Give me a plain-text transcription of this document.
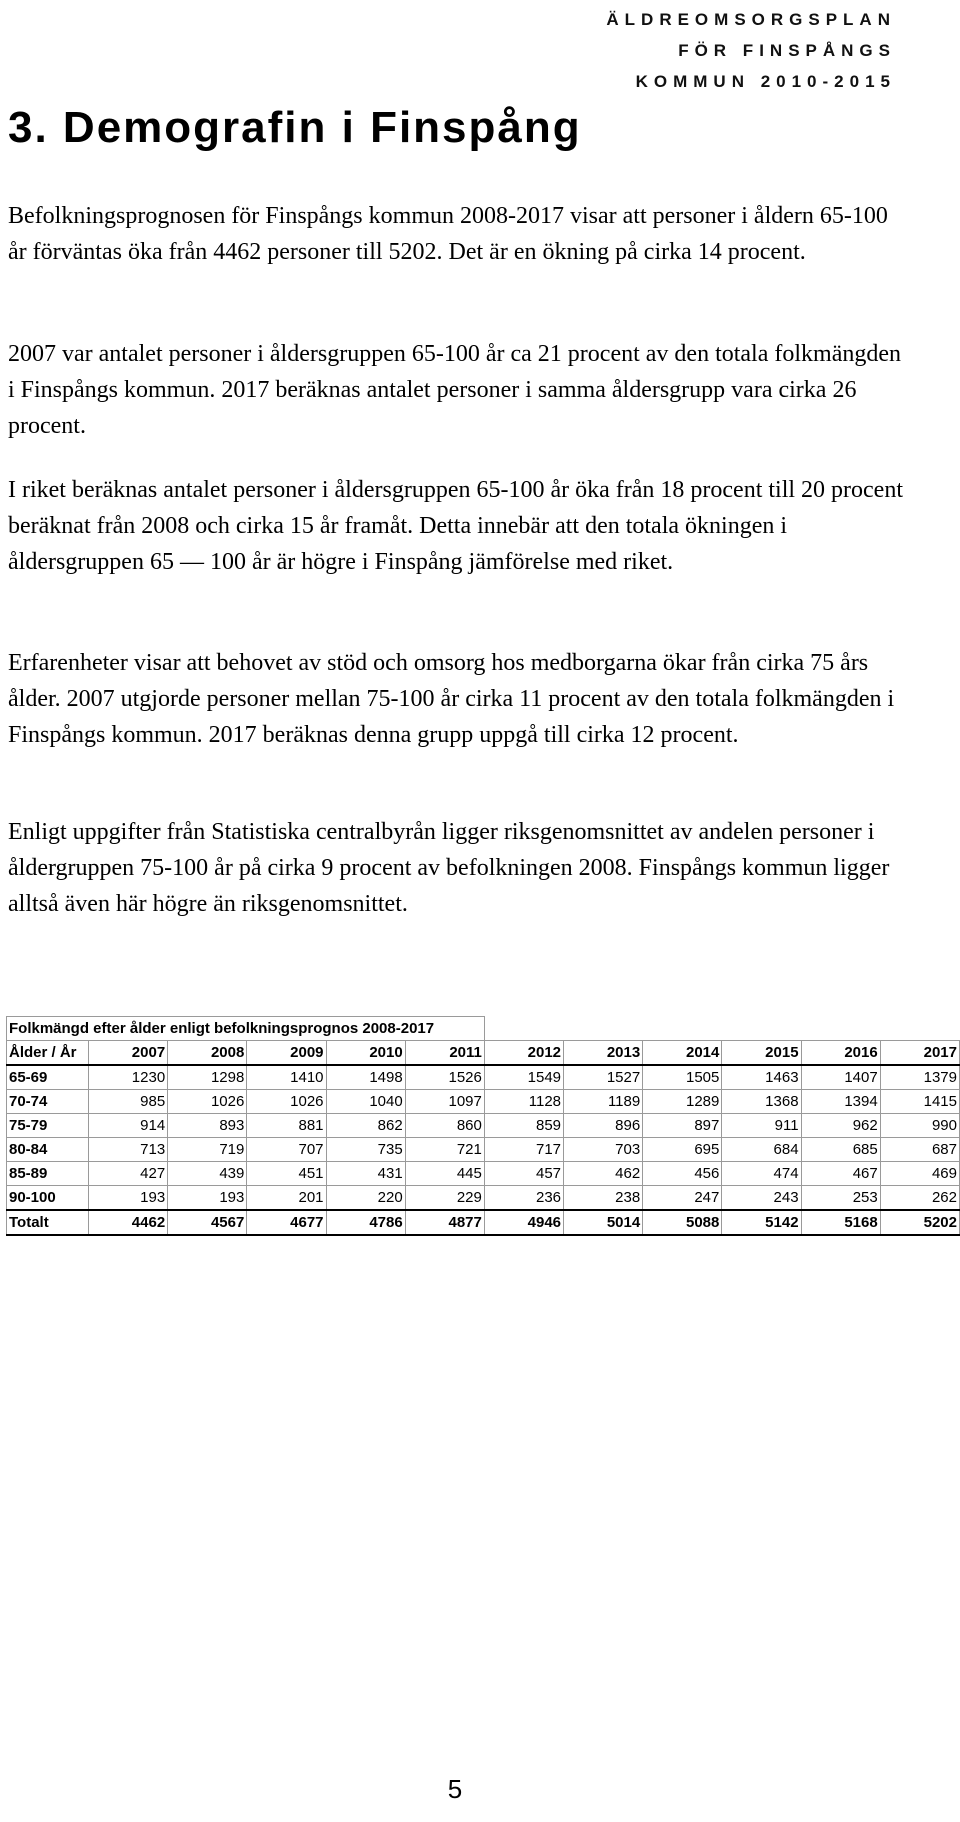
ÄLDREOMSORGSPLAN FÖR FINSPÅNGS KOMMUN 2010-2015
3. Demografin i Finspång

Befolkningsprognosen för Finspångs kommun 2008-2017 visar att personer i åldern 65-100 år förväntas öka från 4462 personer till 5202. Det är en ökning på cirka 14 procent.

2007 var antalet personer i åldersgruppen 65-100 år ca 21 procent av den totala folkmängden i Finspångs kommun. 2017 beräknas antalet personer i samma åldersgrupp vara cirka 26 procent.

I riket beräknas antalet personer i åldersgruppen 65-100 år öka från 18 procent till 20 procent beräknat från 2008 och cirka 15 år framåt. Detta innebär att den totala ökningen i åldersgruppen 65 — 100 år är högre i Finspång jämförelse med riket.

Erfarenheter visar att behovet av stöd och omsorg hos medborgarna ökar från cirka 75 års ålder. 2007 utgjorde personer mellan 75-100 år cirka 11 procent av den totala folkmängden i Finspångs kommun. 2017 beräknas denna grupp uppgå till cirka 12 procent.

Enligt uppgifter från Statistiska centralbyrån ligger riksgenomsnittet av andelen personer i åldergruppen 75-100 år på cirka 9 procent av befolkningen 2008. Finspångs kommun ligger alltså även här högre än riksgenomsnittet.

Folkmängd efter ålder enligt befolkningsprognos 2008-2017											
Ålder / År	2007	2008	2009	2010	2011	2012	2013	2014	2015	2016	2017
65-69	1230	1298	1410	1498	1526	1549	1527	1505	1463	1407	1379
70-74	985	1026	1026	1040	1097	1128	1189	1289	1368	1394	1415
75-79	914	893	881	862	860	859	896	897	911	962	990
80-84	713	719	707	735	721	717	703	695	684	685	687
85-89	427	439	451	431	445	457	462	456	474	467	469
90-100	193	193	201	220	229	236	238	247	243	253	262
Totalt	4462	4567	4677	4786	4877	4946	5014	5088	5142	5168	5202
5
